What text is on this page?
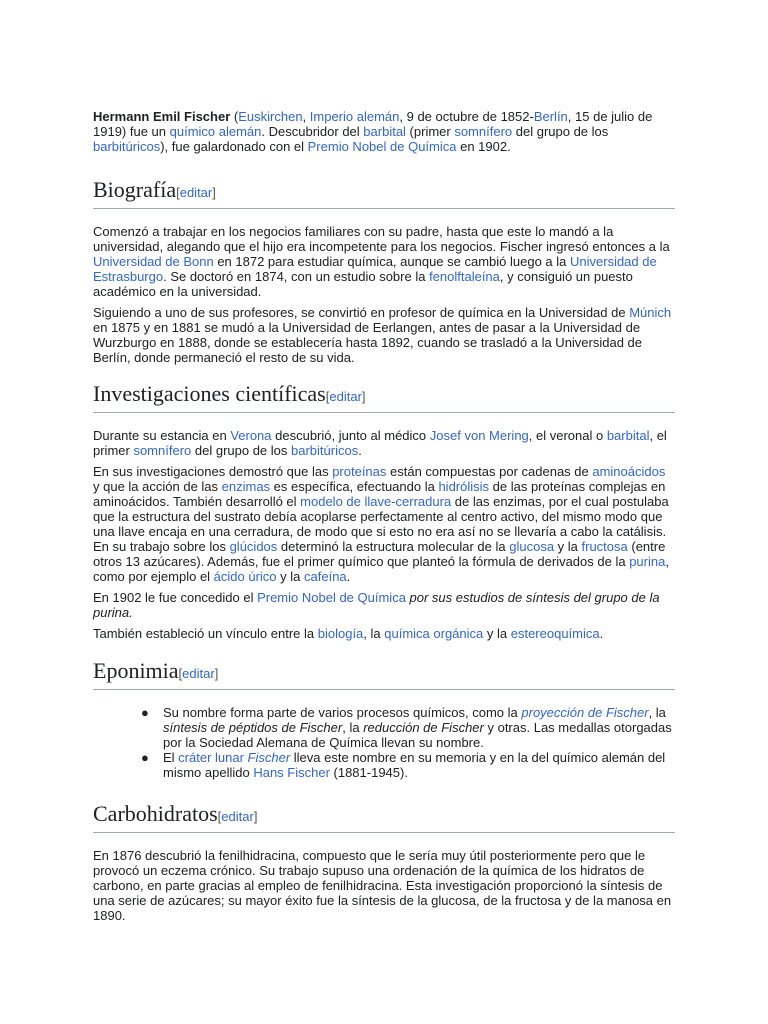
Hermann Emil Fischer (Euskirchen, Imperio alemán, 9 de octubre de 1852-Berlín, 15 de julio de 1919) fue un químico alemán. Descubridor del barbital (primer somnífero del grupo de los barbitúricos), fue galardonado con el Premio Nobel de Química en 1902.

Biografía[editar]

Comenzó a trabajar en los negocios familiares con su padre, hasta que este lo mandó a la universidad, alegando que el hijo era incompetente para los negocios. Fischer ingresó entonces a la Universidad de Bonn en 1872 para estudiar química, aunque se cambió luego a la Universidad de Estrasburgo. Se doctoró en 1874, con un estudio sobre la fenolftaleína, y consiguió un puesto académico en la universidad.

Siguiendo a uno de sus profesores, se convirtió en profesor de química en la Universidad de Múnich en 1875 y en 1881 se mudó a la Universidad de Eerlangen, antes de pasar a la Universidad de Wurzburgo en 1888, donde se establecería hasta 1892, cuando se trasladó a la Universidad de Berlín, donde permaneció el resto de su vida.

Investigaciones científicas[editar]

Durante su estancia en Verona descubrió, junto al médico Josef von Mering, el veronal o barbital, el primer somnífero del grupo de los barbitúricos.

En sus investigaciones demostró que las proteínas están compuestas por cadenas de aminoácidos y que la acción de las enzimas es específica, efectuando la hidrólisis de las proteínas complejas en aminoácidos. También desarrolló el modelo de llave-cerradura de las enzimas, por el cual postulaba que la estructura del sustrato debía acoplarse perfectamente al centro activo, del mismo modo que una llave encaja en una cerradura, de modo que si esto no era así no se llevaría a cabo la catálisis. En su trabajo sobre los glúcidos determinó la estructura molecular de la glucosa y la fructosa (entre otros 13 azúcares). Además, fue el primer químico que planteó la fórmula de derivados de la purina, como por ejemplo el ácido úrico y la cafeína.

En 1902 le fue concedido el Premio Nobel de Química por sus estudios de síntesis del grupo de la purina.

También estableció un vínculo entre la biología, la química orgánica y la estereoquímica.

Eponimia[editar]
● Su nombre forma parte de varios procesos químicos, como la proyección de Fischer, la síntesis de péptidos de Fischer, la reducción de Fischer y otras. Las medallas otorgadas por la Sociedad Alemana de Química llevan su nombre.
● El cráter lunar Fischer lleva este nombre en su memoria y en la del químico alemán del mismo apellido Hans Fischer (1881-1945).
Carbohidratos[editar]

En 1876 descubrió la fenilhidracina, compuesto que le sería muy útil posteriormente pero que le provocó un eczema crónico. Su trabajo supuso una ordenación de la química de los hidratos de carbono, en parte gracias al empleo de fenilhidracina. Esta investigación proporcionó la síntesis de una serie de azúcares; su mayor éxito fue la síntesis de la glucosa, de la fructosa y de la manosa en 1890.
